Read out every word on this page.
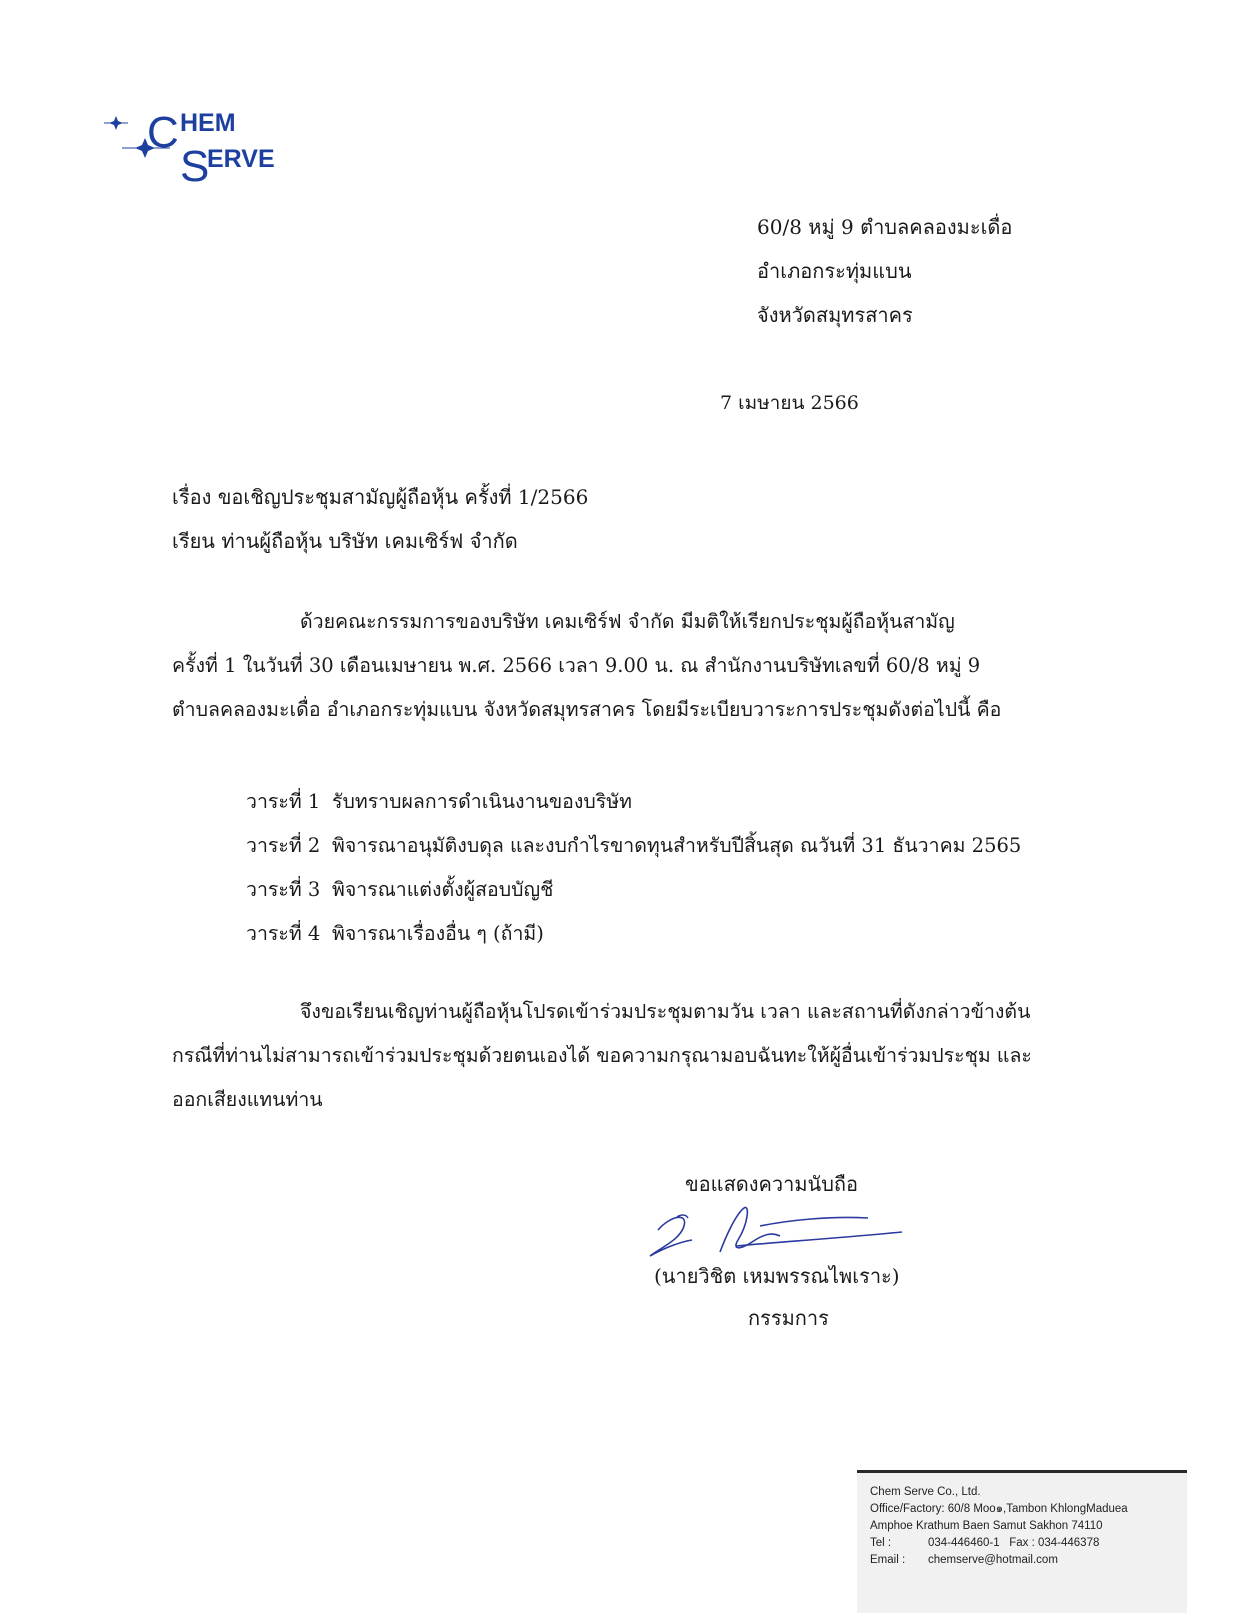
C HEM
S
ERVE
60/8 หมู่ 9 ตำบลคลองมะเดื่อ
อำเภอกระทุ่มแบน
จังหวัดสมุทรสาคร
7 เมษายน 2566
เรื่อง ขอเชิญประชุมสามัญผู้ถือหุ้น ครั้งที่ 1/2566
เรียน ท่านผู้ถือหุ้น บริษัท เคมเซิร์ฟ จำกัด
ด้วยคณะกรรมการของบริษัท เคมเซิร์ฟ จำกัด มีมติให้เรียกประชุมผู้ถือหุ้นสามัญ
ครั้งที่ 1 ในวันที่ 30 เดือนเมษายน พ.ศ. 2566 เวลา 9.00 น. ณ สำนักงานบริษัทเลขที่ 60/8 หมู่ 9
ตำบลคลองมะเดื่อ อำเภอกระทุ่มแบน จังหวัดสมุทรสาคร โดยมีระเบียบวาระการประชุมดังต่อไปนี้ คือ
วาระที่ 1 รับทราบผลการดำเนินงานของบริษัท
วาระที่ 2 พิจารณาอนุมัติงบดุล และงบกำไรขาดทุนสำหรับปีสิ้นสุด ณวันที่ 31 ธันวาคม 2565
วาระที่ 3 พิจารณาแต่งตั้งผู้สอบบัญชี
วาระที่ 4 พิจารณาเรื่องอื่น ๆ (ถ้ามี)
จึงขอเรียนเชิญท่านผู้ถือหุ้นโปรดเข้าร่วมประชุมตามวัน เวลา และสถานที่ดังกล่าวข้างต้น
กรณีที่ท่านไม่สามารถเข้าร่วมประชุมด้วยตนเองได้ ขอความกรุณามอบฉันทะให้ผู้อื่นเข้าร่วมประชุม และ
ออกเสียงแทนท่าน
ขอแสดงความนับถือ
(นายวิชิต เหมพรรณไพเราะ)
กรรมการ
Chem Serve Co., Ltd.
Office/Factory: 60/8 Moo๑,Tambon KhlongMaduea
Amphoe Krathum Baen Samut Sakhon 74110
Tel :	034-446460-1 Fax : 034-446378
Email : chemserve@hotmail.com
